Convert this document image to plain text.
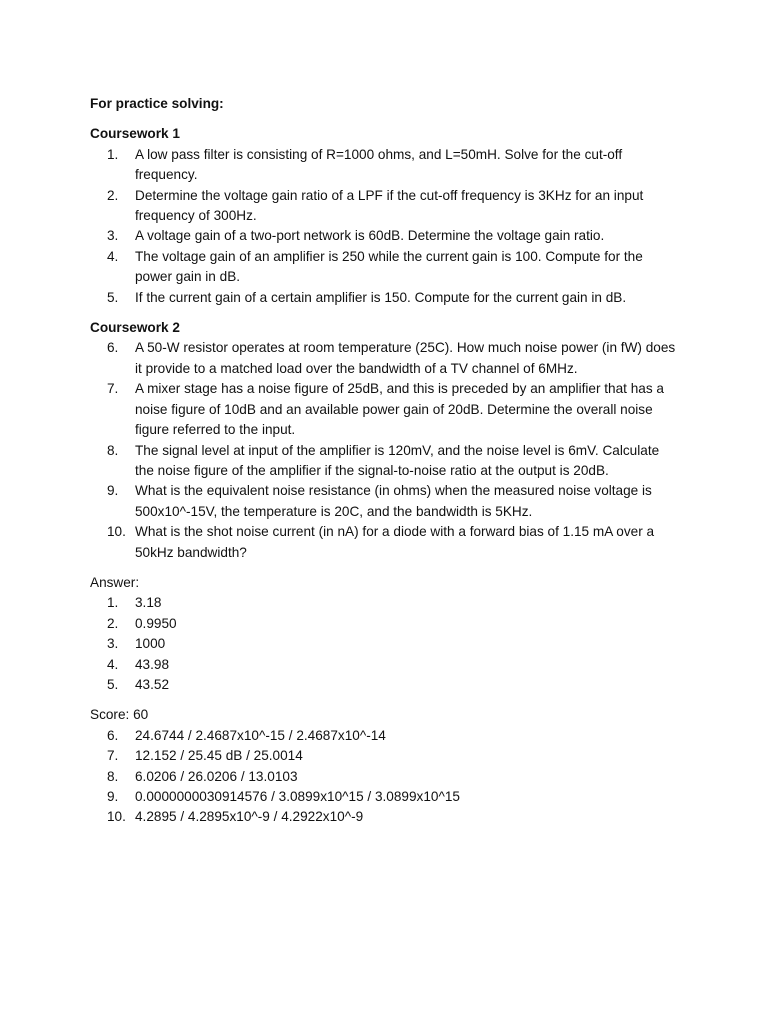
For practice solving:

Coursework 1

1.	A low pass filter is consisting of R=1000 ohms, and L=50mH. Solve for the cut-off frequency.
2.	Determine the voltage gain ratio of a LPF if the cut-off frequency is 3KHz for an input frequency of 300Hz.
3.	A voltage gain of a two-port network is 60dB. Determine the voltage gain ratio.
4.	The voltage gain of an amplifier is 250 while the current gain is 100. Compute for the power gain in dB.
5.	If the current gain of a certain amplifier is 150. Compute for the current gain in dB.

Coursework 2

6.	A 50-W resistor operates at room temperature (25C). How much noise power (in fW) does it provide to a matched load over the bandwidth of a TV channel of 6MHz.
7.	A mixer stage has a noise figure of 25dB, and this is preceded by an amplifier that has a noise figure of 10dB and an available power gain of 20dB. Determine the overall noise figure referred to the input.
8.	The signal level at input of the amplifier is 120mV, and the noise level is 6mV. Calculate the noise figure of the amplifier if the signal-to-noise ratio at the output is 20dB.
9.	What is the equivalent noise resistance (in ohms) when the measured noise voltage is 500x10^-15V, the temperature is 20C, and the bandwidth is 5KHz.
10. What is the shot noise current (in nA) for a diode with a forward bias of 1.15 mA over a 50kHz bandwidth?

Answer:

1.	3.18
2.	0.9950
3.	1000
4.	43.98
5.	43.52

Score: 60

6.	24.6744 / 2.4687x10^-15 / 2.4687x10^-14
7.	12.152 / 25.45 dB / 25.0014
8.	6.0206 / 26.0206 / 13.0103
9.	0.0000000030914576 / 3.0899x10^15 / 3.0899x10^15
10. 4.2895 / 4.2895x10^-9 / 4.2922x10^-9
